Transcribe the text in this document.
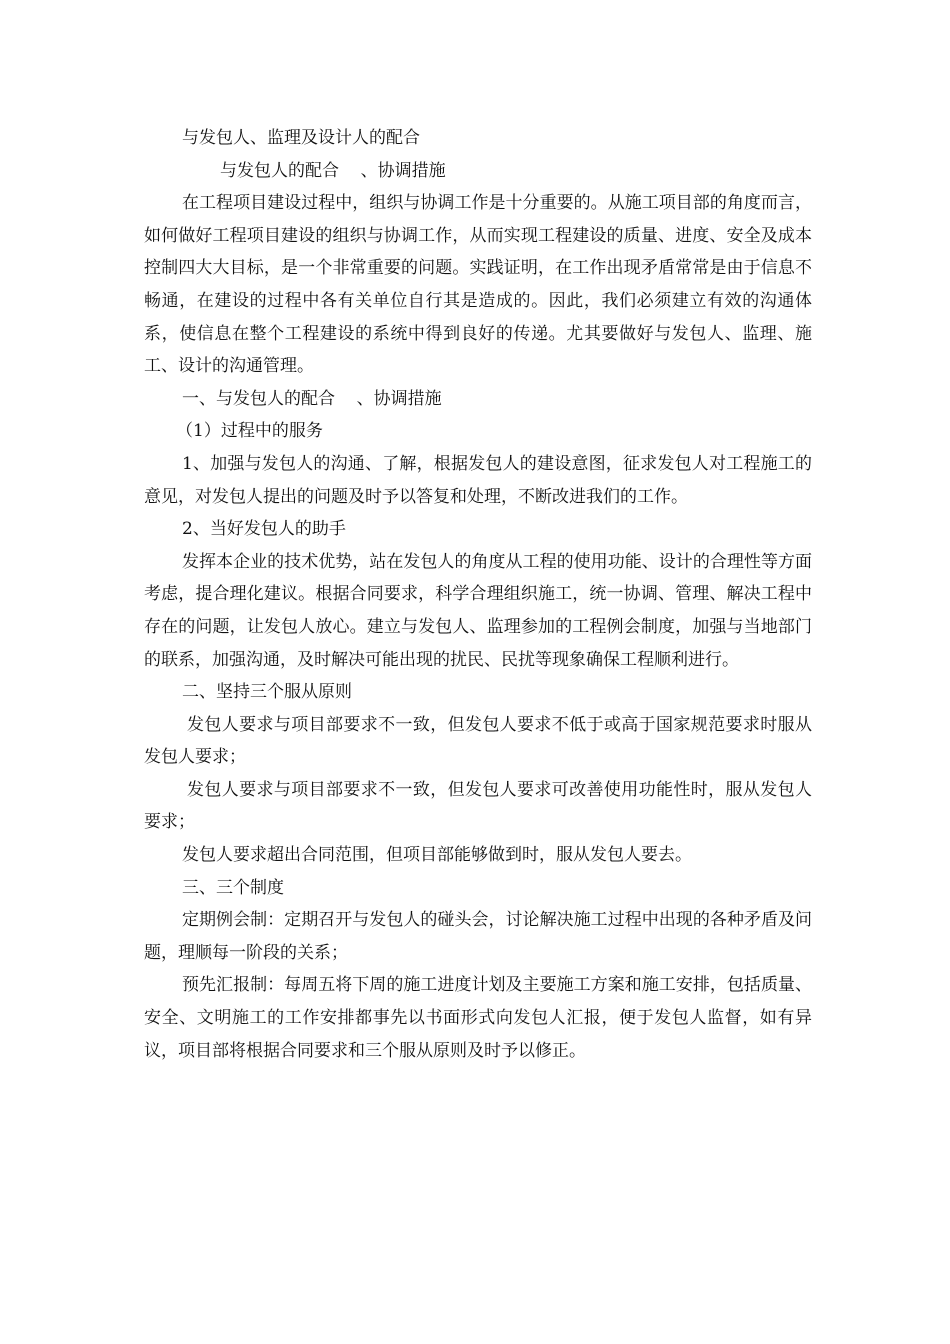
与发包人、监理及设计人的配合

与发包人的配合 、协调措施

在工程项目建设过程中，组织与协调工作是十分重要的。从施工项目部的角度而言，如何做好工程项目建设的组织与协调工作，从而实现工程建设的质量、进度、安全及成本控制四大大目标，是一个非常重要的问题。实践证明，在工作出现矛盾常常是由于信息不畅通，在建设的过程中各有关单位自行其是造成的。因此，我们必须建立有效的沟通体系，使信息在整个工程建设的系统中得到良好的传递。尤其要做好与发包人、监理、施工、设计的沟通管理。

一、与发包人的配合 、协调措施

（1）过程中的服务

1、加强与发包人的沟通、了解，根据发包人的建设意图，征求发包人对工程施工的意见，对发包人提出的问题及时予以答复和处理，不断改进我们的工作。

2、当好发包人的助手

发挥本企业的技术优势，站在发包人的角度从工程的使用功能、设计的合理性等方面考虑，提合理化建议。根据合同要求，科学合理组织施工，统一协调、管理、解决工程中存在的问题，让发包人放心。建立与发包人、监理参加的工程例会制度，加强与当地部门的联系，加强沟通，及时解决可能出现的扰民、民扰等现象确保工程顺利进行。

二、坚持三个服从原则

发包人要求与项目部要求不一致，但发包人要求不低于或高于国家规范要求时服从发包人要求；

发包人要求与项目部要求不一致，但发包人要求可改善使用功能性时，服从发包人要求；

发包人要求超出合同范围，但项目部能够做到时，服从发包人要去。

三、三个制度

定期例会制：定期召开与发包人的碰头会，讨论解决施工过程中出现的各种矛盾及问题，理顺每一阶段的关系；

预先汇报制：每周五将下周的施工进度计划及主要施工方案和施工安排，包括质量、安全、文明施工的工作安排都事先以书面形式向发包人汇报，便于发包人监督，如有异议，项目部将根据合同要求和三个服从原则及时予以修正。
